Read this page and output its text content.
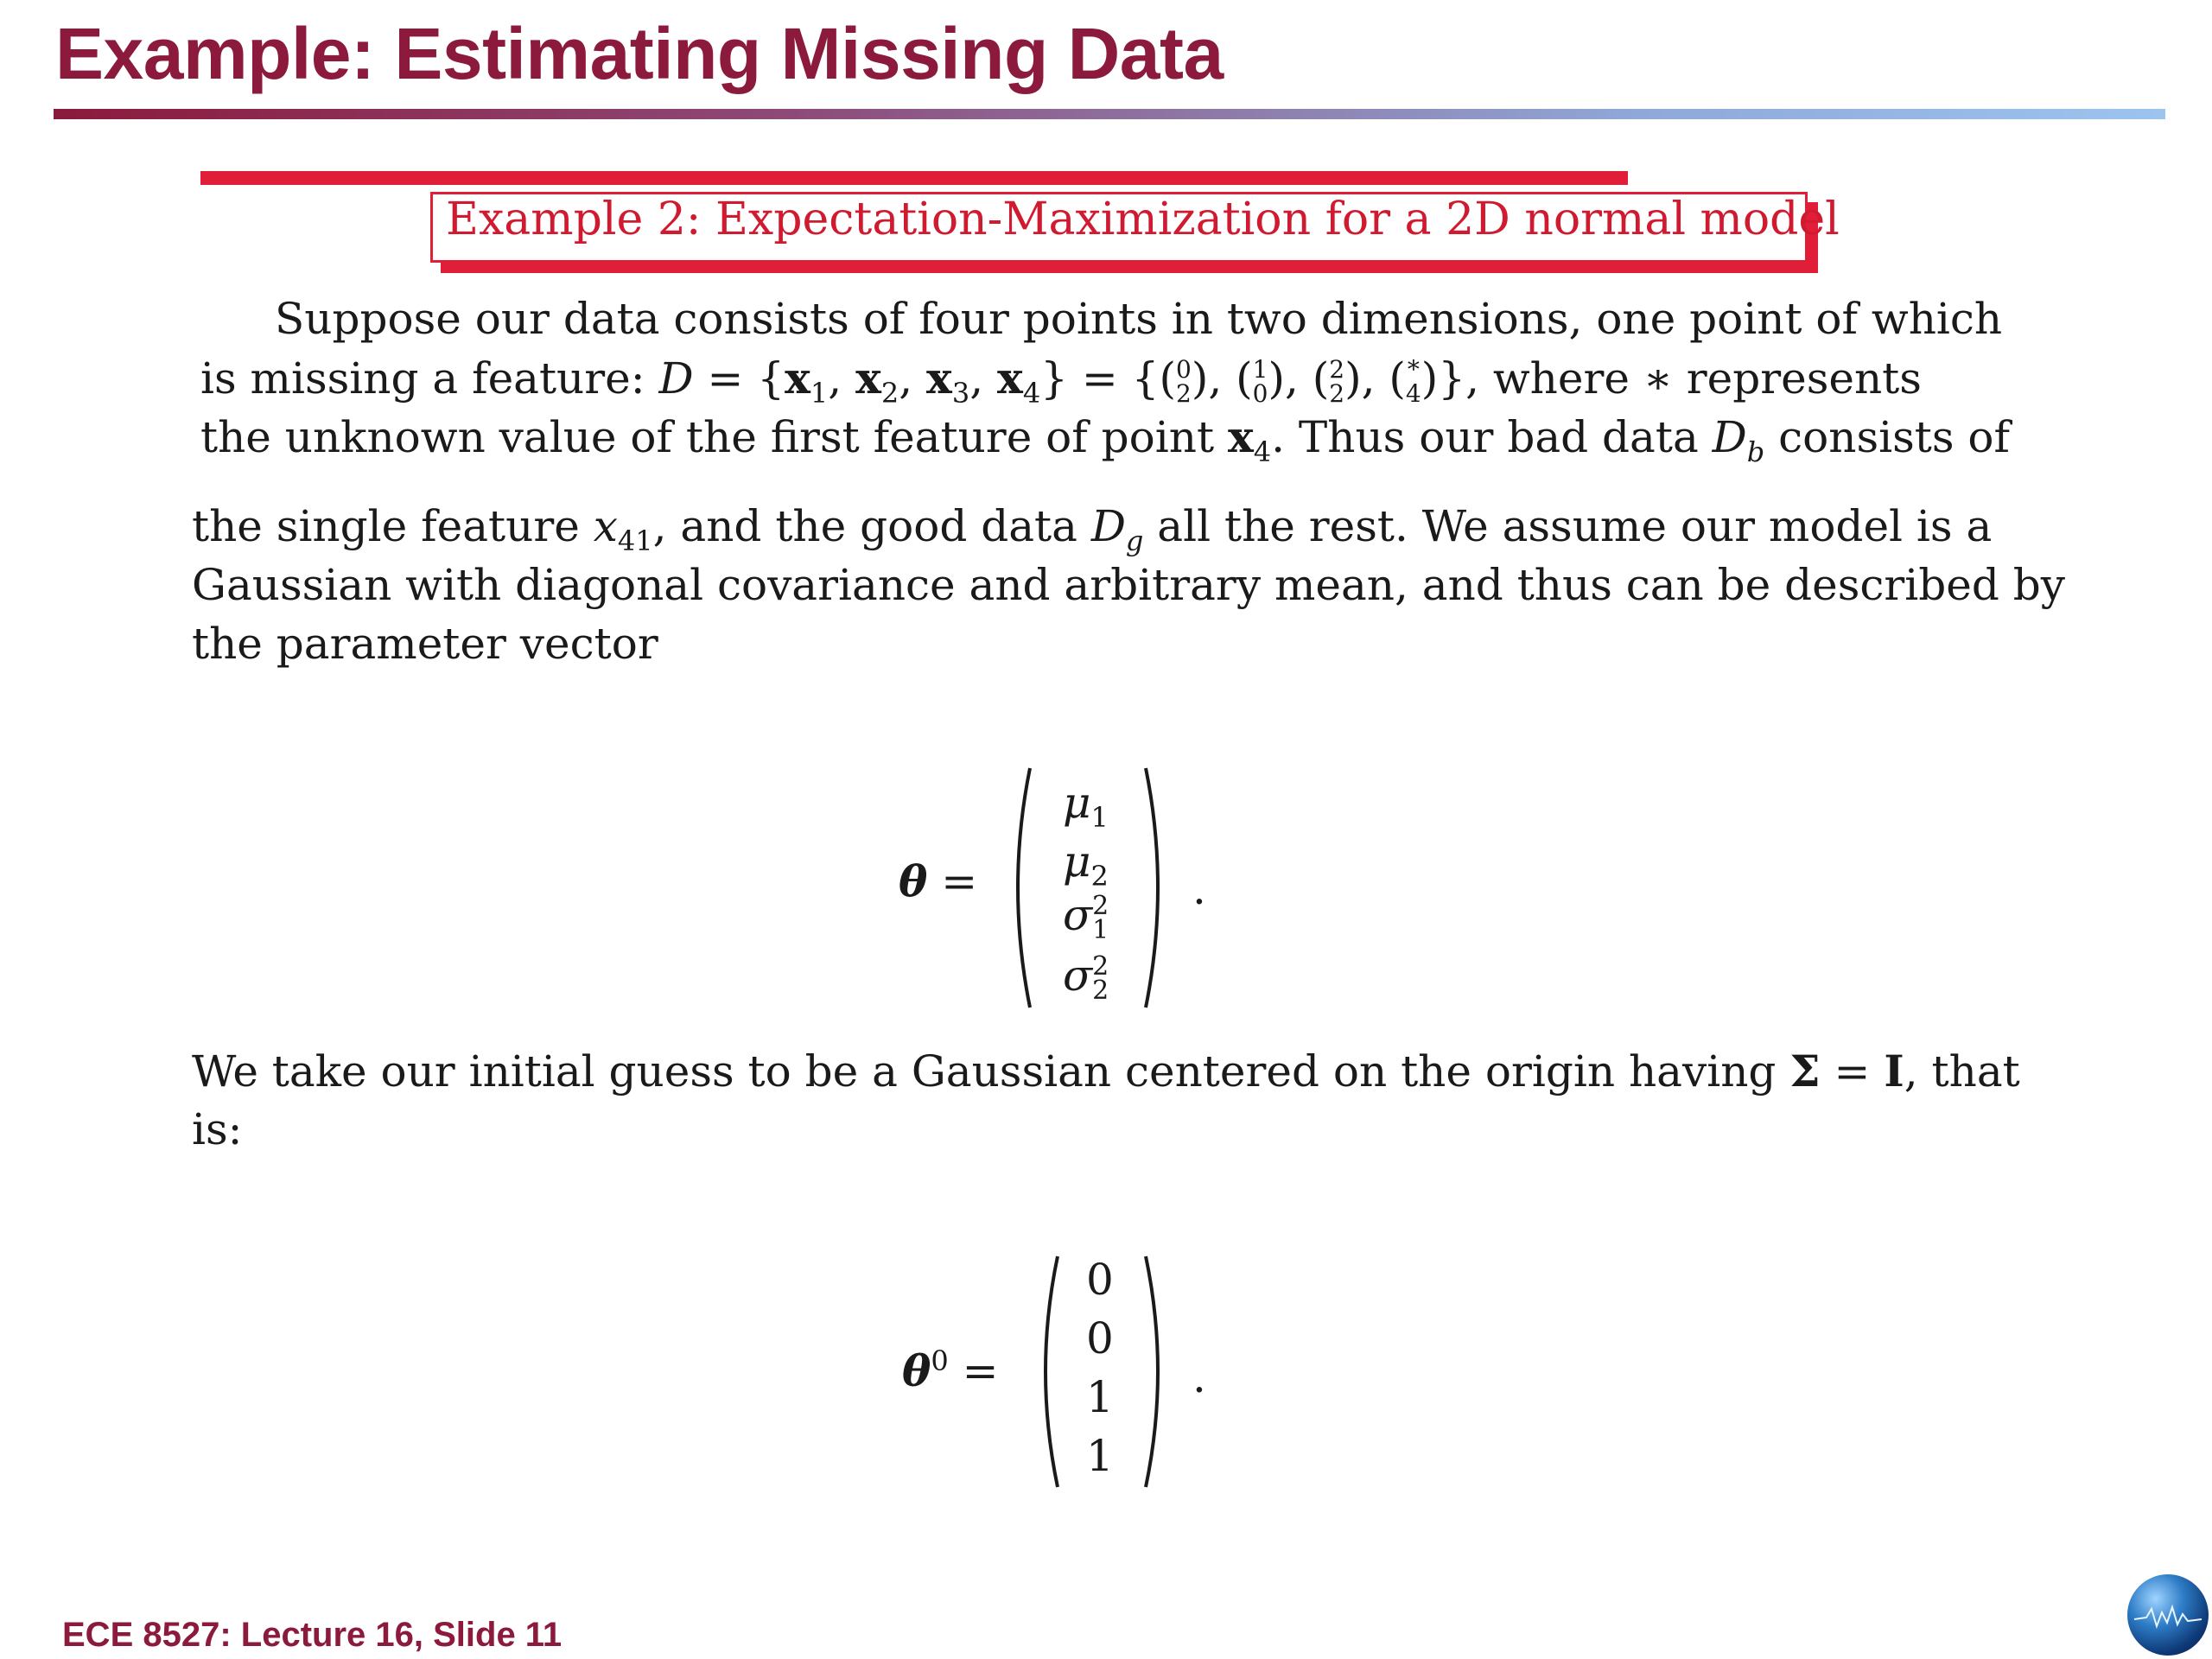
Example: Estimating Missing Data
Example 2: Expectation-Maximization for a 2D normal model
Suppose our data consists of four points in two dimensions, one point of which
is missing a feature: $D = \{x_1$, $x_2$, $x_3$, $x_4$} = {( 0
2 ), ( 1
0 ), ( 2
2 ), ( *
4 )}, where ∗ represents
the unknown value of the first feature of point $x_4$. Thus our bad data $D_b$ consists of
the single feature $x_{41}$, and the good data $D_g$ all the rest. We assume our model is a
Gaussian with diagonal covariance and arbitrary mean, and thus can be described by
the parameter vector
θ =
$\mu_1$
$\mu_2$
σ 2
1
σ 2
2
.
We take our initial guess to be a Gaussian centered on the origin having Σ = I, that
is:
$\theta^0$ =
0
0
1
1
.
ECE 8527: Lecture 16, Slide 11
